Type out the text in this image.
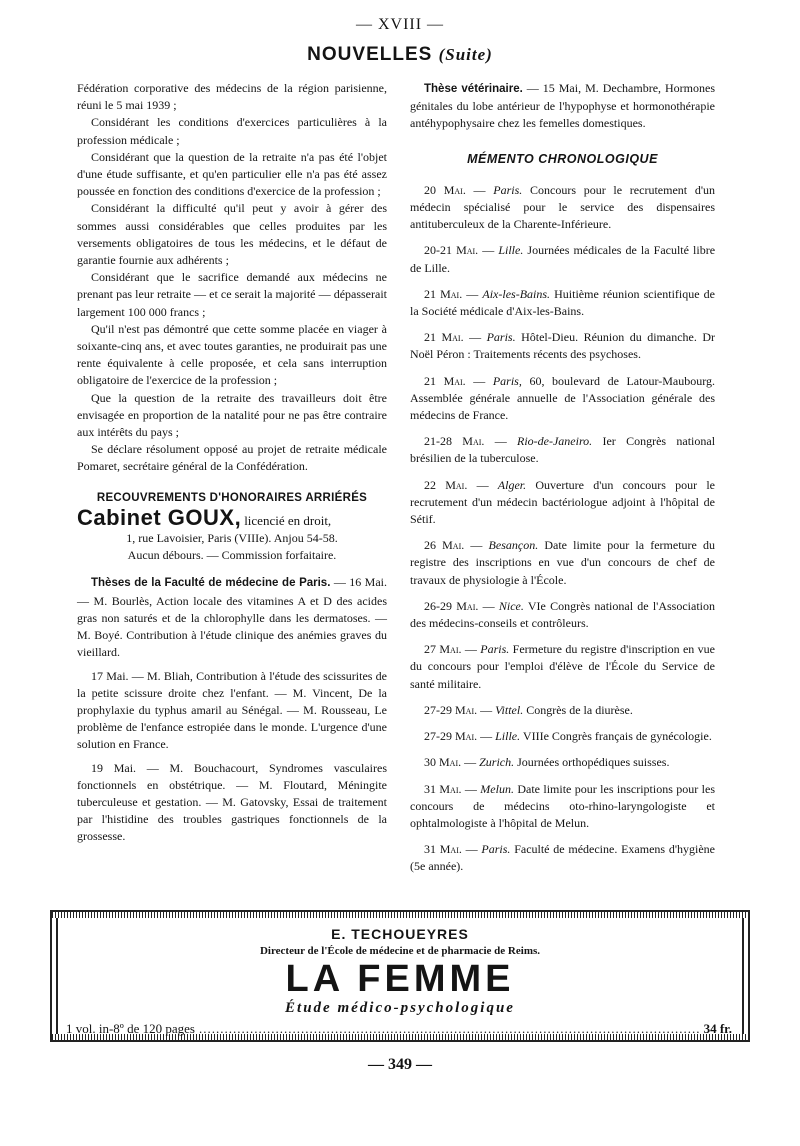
— XVIII —
NOUVELLES (Suite)

Fédération corporative des médecins de la région parisienne, réuni le 5 mai 1939 ;

Considérant les conditions d'exercices particulières à la profession médicale ;

Considérant que la question de la retraite n'a pas été l'objet d'une étude suffisante, et qu'en particulier elle n'a pas été assez poussée en fonction des conditions d'exercice de la profession ;

Considérant la difficulté qu'il peut y avoir à gérer des sommes aussi considérables que celles produites par les versements obligatoires de tous les médecins, et le défaut de garantie fournie aux adhérents ;

Considérant que le sacrifice demandé aux médecins ne prenant pas leur retraite — et ce serait la majorité — dépasserait largement 100 000 francs ;

Qu'il n'est pas démontré que cette somme placée en viager à soixante-cinq ans, et avec toutes garanties, ne produirait pas une rente équivalente à celle proposée, et cela sans interruption obligatoire de l'exercice de la profession ;

Que la question de la retraite des travailleurs doit être envisagée en proportion de la natalité pour ne pas être contraire aux intérêts du pays ;

Se déclare résolument opposé au projet de retraite médicale Pomaret, secrétaire général de la Confédération.

RECOUVREMENTS D'HONORAIRES ARRIÉRÉS

Cabinet GOUX, licencié en droit,

1, rue Lavoisier, Paris (VIIIe). Anjou 54-58.

Aucun débours. — Commission forfaitaire.

Thèses de la Faculté de médecine de Paris. — 16 Mai. — M. Bourlès, Action locale des vitamines A et D des acides gras non saturés et de la chlorophylle dans les dermatoses. — M. Boyé. Contribution à l'étude clinique des anémies graves du vieillard.

17 Mai. — M. Bliah, Contribution à l'étude des scissurites de la petite scissure droite chez l'enfant. — M. Vincent, De la prophylaxie du typhus amaril au Sénégal. — M. Rousseau, Le problème de l'enfance estropiée dans le monde. L'urgence d'une solution en France.

19 Mai. — M. Bouchacourt, Syndromes vasculaires fonctionnels en obstétrique. — M. Floutard, Méningite tuberculeuse et gestation. — M. Gatovsky, Essai de traitement par l'histidine des troubles gastriques fonctionnels de la grossesse.

Thèse vétérinaire. — 15 Mai, M. Dechambre, Hormones génitales du lobe antérieur de l'hypophyse et hormonothérapie antéhypophysaire chez les femelles domestiques.

MÉMENTO CHRONOLOGIQUE

20 Mai. — Paris. Concours pour le recrutement d'un médecin spécialisé pour le service des dispensaires antituberculeux de la Charente-Inférieure.

20-21 Mai. — Lille. Journées médicales de la Faculté libre de Lille.

21 Mai. — Aix-les-Bains. Huitième réunion scientifique de la Société médicale d'Aix-les-Bains.

21 Mai. — Paris. Hôtel-Dieu. Réunion du dimanche. Dr Noël Péron : Traitements récents des psychoses.

21 Mai. — Paris, 60, boulevard de Latour-Maubourg. Assemblée générale annuelle de l'Association générale des médecins de France.

21-28 Mai. — Rio-de-Janeiro. Ier Congrès national brésilien de la tuberculose.

22 Mai. — Alger. Ouverture d'un concours pour le recrutement d'un médecin bactériologue adjoint à l'hôpital de Sétif.

26 Mai. — Besançon. Date limite pour la fermeture du registre des inscriptions en vue d'un concours de chef de travaux de physiologie à l'École.

26-29 Mai. — Nice. VIe Congrès national de l'Association des médecins-conseils et contrôleurs.

27 Mai. — Paris. Fermeture du registre d'inscription en vue du concours pour l'emploi d'élève de l'École du Service de santé militaire.

27-29 Mai. — Vittel. Congrès de la diurèse.

27-29 Mai. — Lille. VIIIe Congrès français de gynécologie.

30 Mai. — Zurich. Journées orthopédiques suisses.

31 Mai. — Melun. Date limite pour les inscriptions pour les concours de médecins oto-rhino-laryngologiste et ophtalmologiste à l'hôpital de Melun.

31 Mai. — Paris. Faculté de médecine. Examens d'hygiène (5e année).

E. TECHOUEYRES
Directeur de l'École de médecine et de pharmacie de Reims.
LA FEMME
Étude médico-psychologique
1 vol. in-8º de 120 pages
.....	34 fr.
— 349 —
